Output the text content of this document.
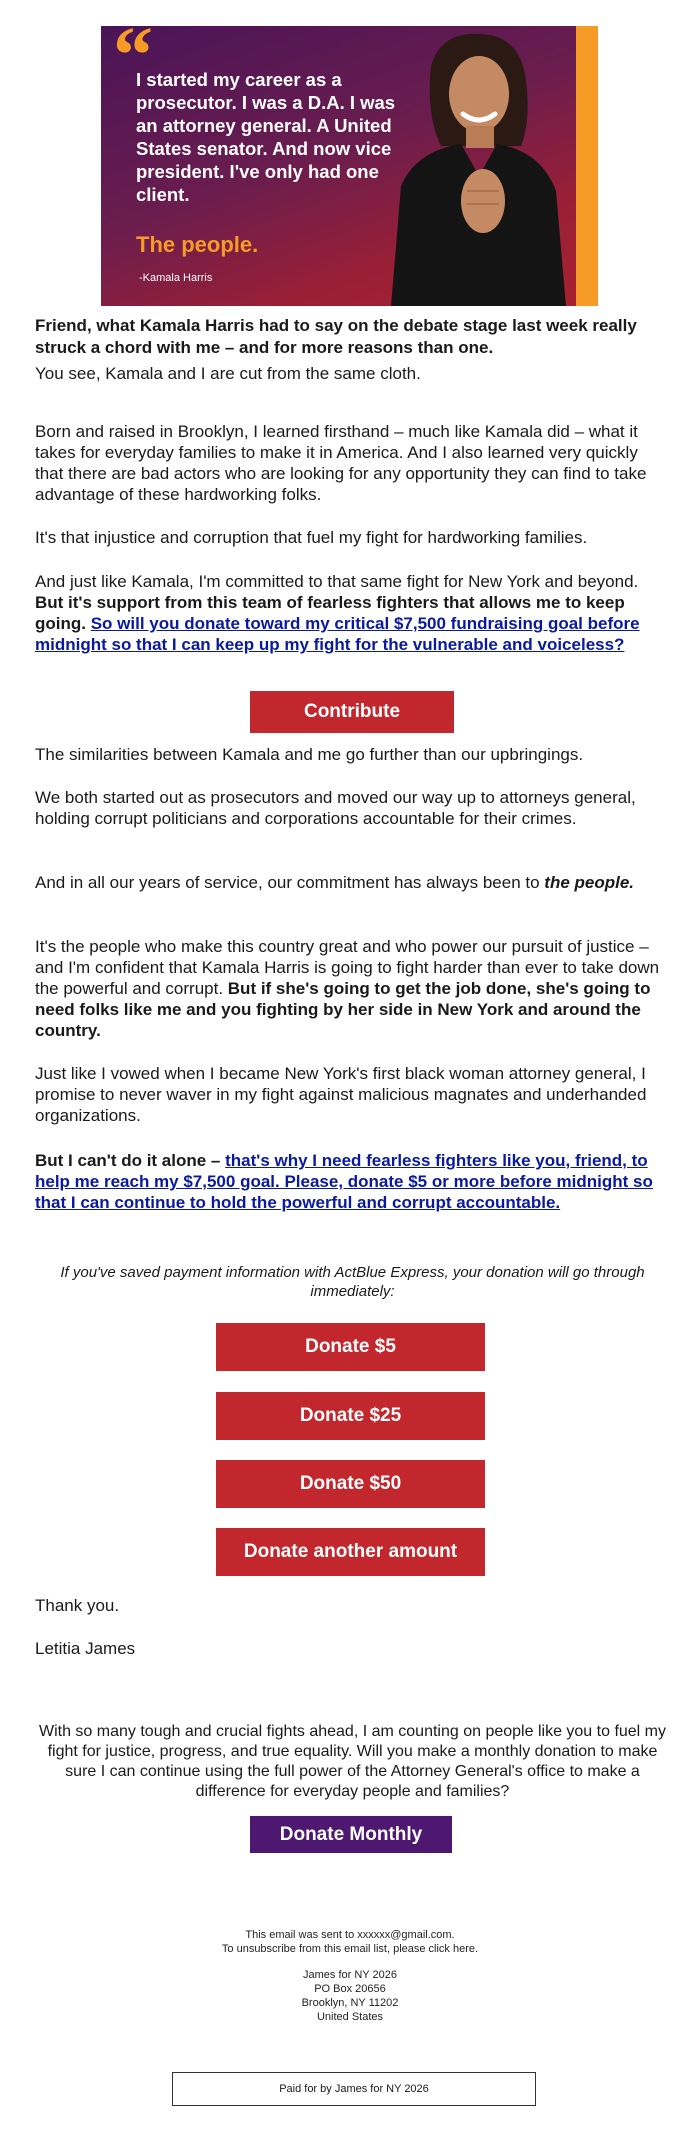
“
I started my career as a prosecutor. I was a D.A. I was an attorney general. A United States senator. And now vice president. I've only had one client.
The people.
-Kamala Harris

Friend, what Kamala Harris had to say on the debate stage last week really struck a chord with me – and for more reasons than one.

You see, Kamala and I are cut from the same cloth.

Born and raised in Brooklyn, I learned firsthand – much like Kamala did – what it takes for everyday families to make it in America. And I also learned very quickly that there are bad actors who are looking for any opportunity they can find to take advantage of these hardworking folks.

It's that injustice and corruption that fuel my fight for hardworking families.

And just like Kamala, I'm committed to that same fight for New York and beyond. But it's support from this team of fearless fighters that allows me to keep going. So will you donate toward my critical $7,500 fundraising goal before midnight so that I can keep up my fight for the vulnerable and voiceless?

Contribute

The similarities between Kamala and me go further than our upbringings.

We both started out as prosecutors and moved our way up to attorneys general, holding corrupt politicians and corporations accountable for their crimes.

And in all our years of service, our commitment has always been to the people.

It's the people who make this country great and who power our pursuit of justice – and I'm confident that Kamala Harris is going to fight harder than ever to take down the powerful and corrupt. But if she's going to get the job done, she's going to need folks like me and you fighting by her side in New York and around the country.

Just like I vowed when I became New York's first black woman attorney general, I promise to never waver in my fight against malicious magnates and underhanded organizations.

But I can't do it alone – that's why I need fearless fighters like you, friend, to help me reach my $7,500 goal. Please, donate $5 or more before midnight so that I can continue to hold the powerful and corrupt accountable.

If you've saved payment information with ActBlue Express, your donation will go through immediately:

Donate $5
Donate $25
Donate $50
Donate another amount

Thank you.

Letitia James

With so many tough and crucial fights ahead, I am counting on people like you to fuel my fight for justice, progress, and true equality. Will you make a monthly donation to make sure I can continue using the full power of the Attorney General's office to make a difference for everyday people and families?

Donate Monthly
This email was sent to xxxxxx@gmail.com.
To unsubscribe from this email list, please click here.
James for NY 2026
PO Box 20656
Brooklyn, NY 11202
United States
Paid for by James for NY 2026
